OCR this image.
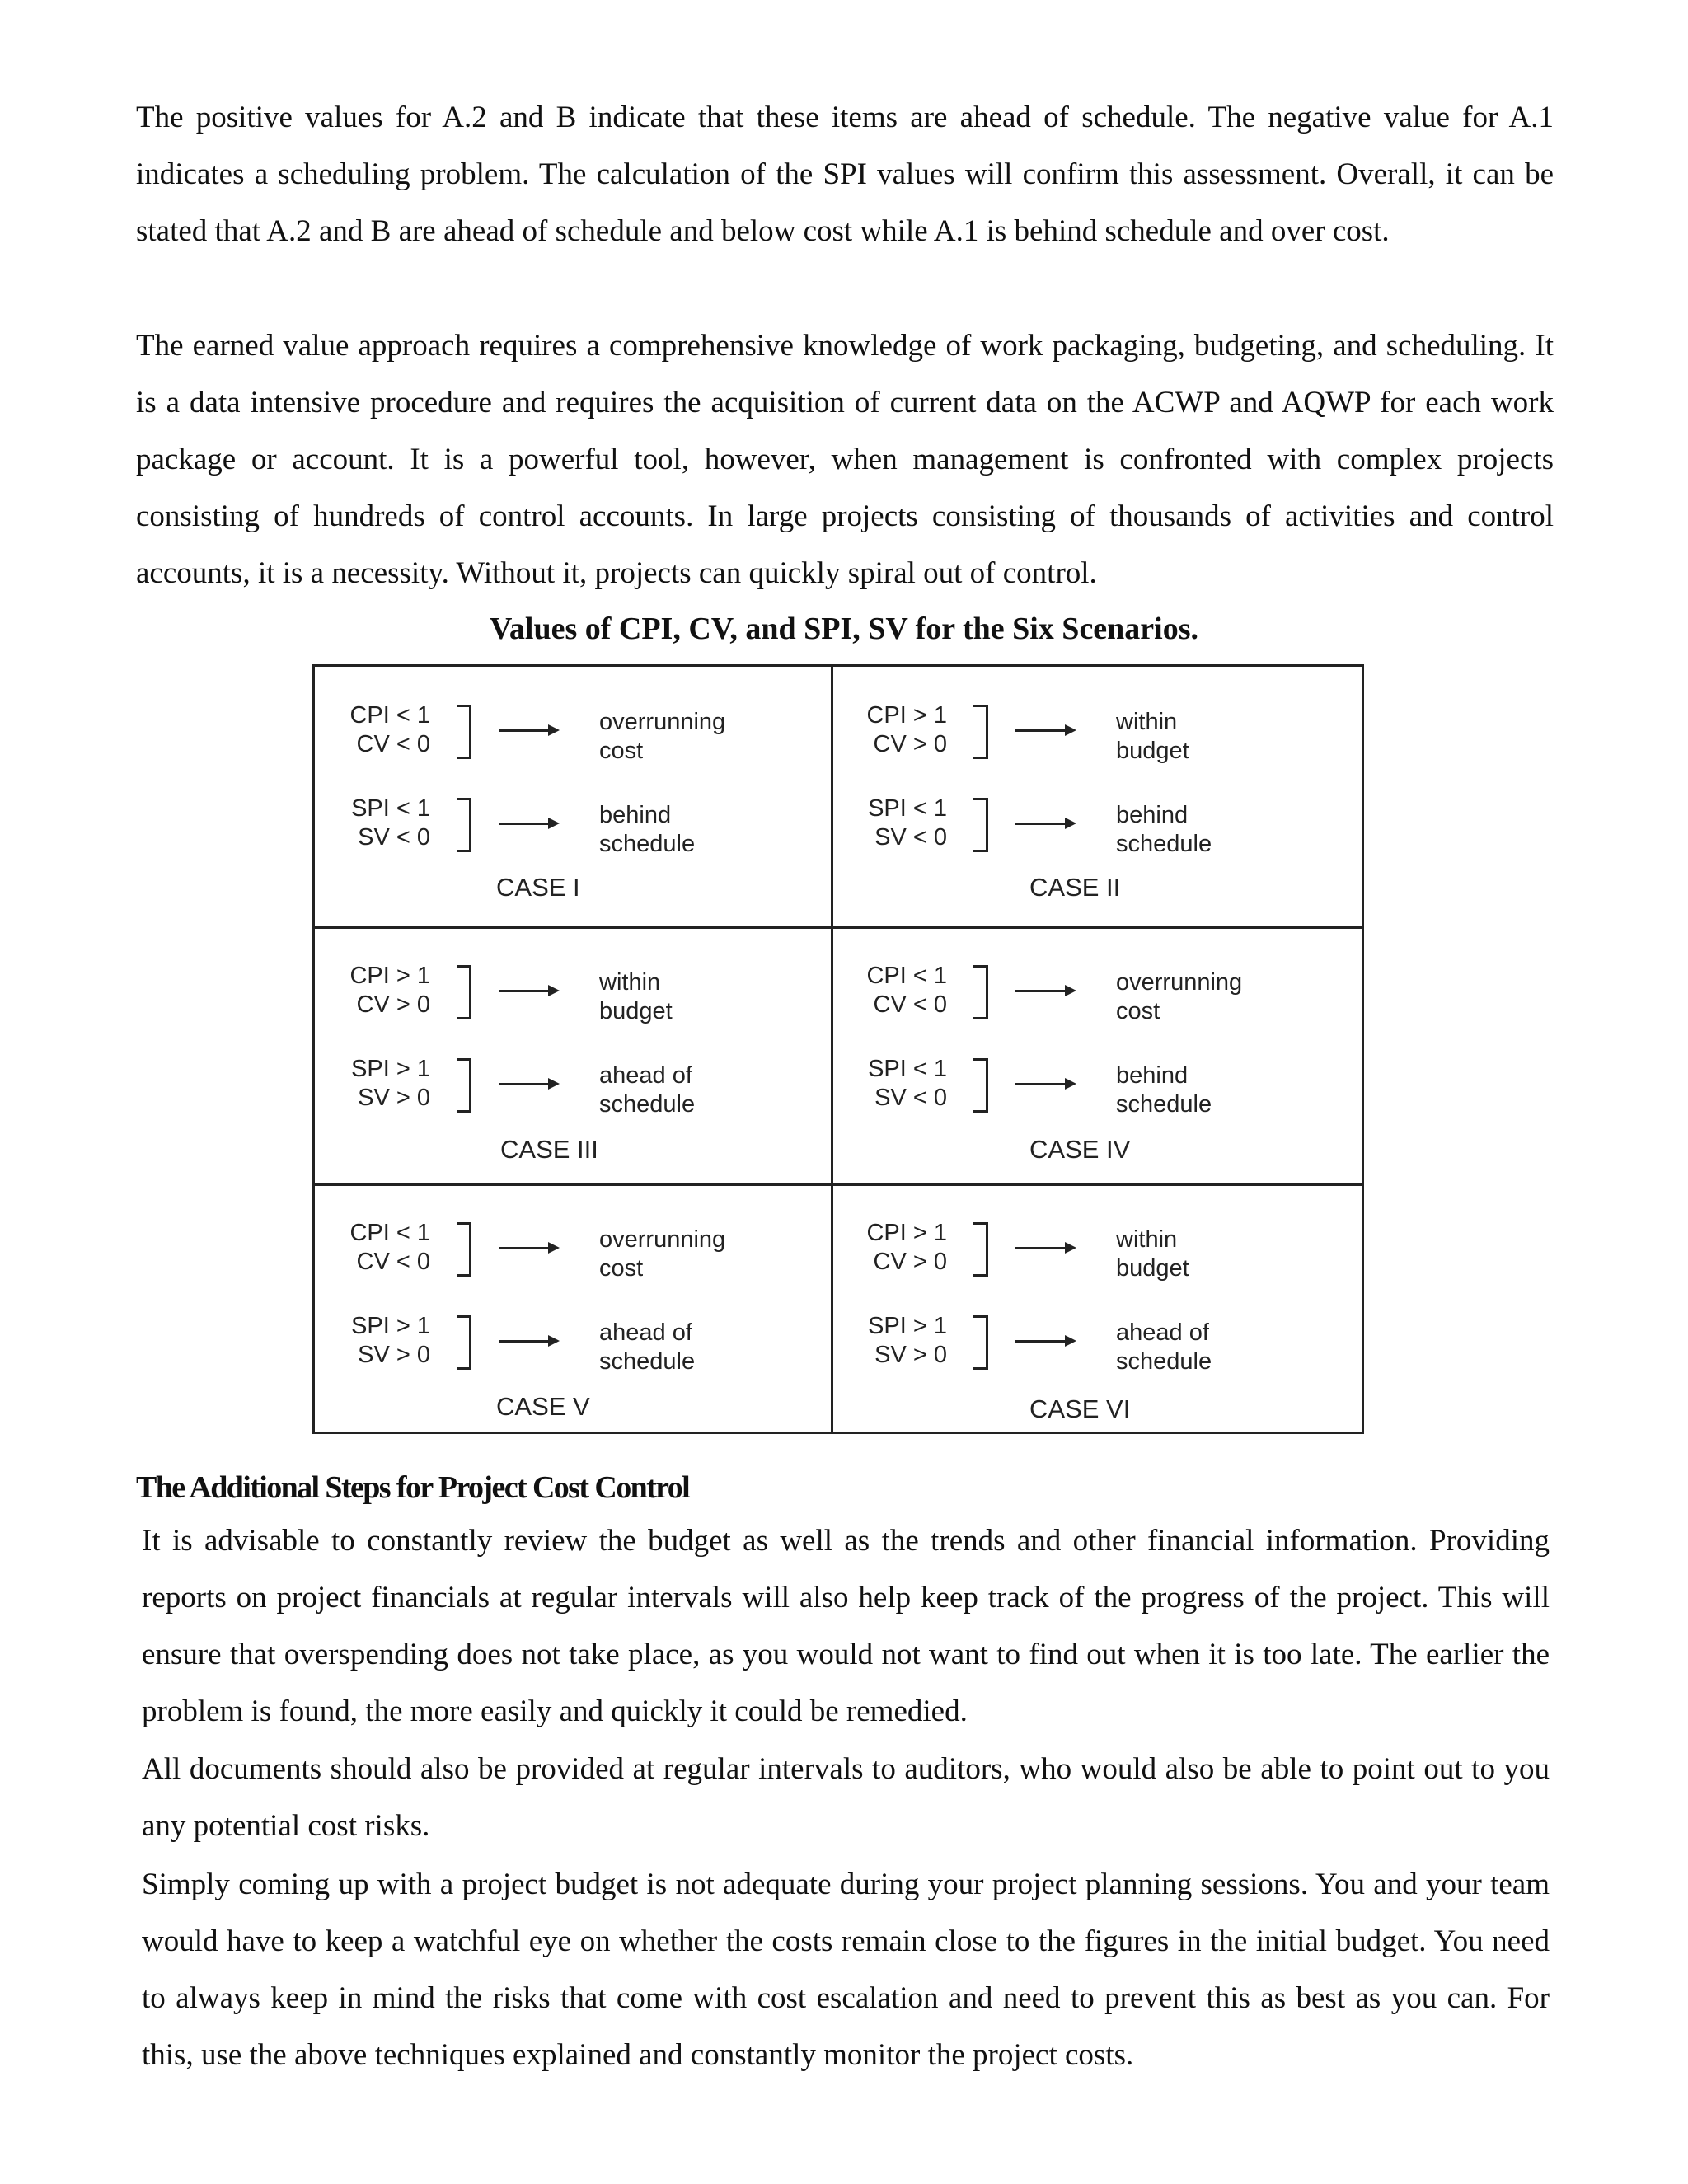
The positive values for A.2 and B indicate that these items are ahead of schedule. The negative value for A.1 indicates a scheduling problem. The calculation of the SPI values will confirm this assessment. Overall, it can be stated that A.2 and B are ahead of schedule and below cost while A.1 is behind schedule and over cost.

The earned value approach requires a comprehensive knowledge of work packaging, budgeting, and scheduling. It is a data intensive procedure and requires the acquisition of current data on the ACWP and AQWP for each work package or account. It is a powerful tool, however, when management is confronted with complex projects consisting of hundreds of control accounts. In large projects consisting of thousands of activities and control accounts, it is a necessity. Without it, projects can quickly spiral out of control.

Values of CPI, CV, and SPI, SV for the Six Scenarios.

CPI < 1
CV < 0
overrunning
cost
SPI < 1
SV < 0
behind
schedule
CASE I
CPI > 1
CV > 0
within
budget
SPI < 1
SV < 0
behind
schedule
CASE II
CPI > 1
CV > 0
within
budget
SPI > 1
SV > 0
ahead of
schedule
CASE III
CPI < 1
CV < 0
overrunning
cost
SPI < 1
SV < 0
behind
schedule
CASE IV
CPI < 1
CV < 0
overrunning
cost
SPI > 1
SV > 0
ahead of
schedule
CASE V
CPI > 1
CV > 0
within
budget
SPI > 1
SV > 0
ahead of
schedule
CASE VI
The Additional Steps for Project Cost Control

It is advisable to constantly review the budget as well as the trends and other financial information. Providing reports on project financials at regular intervals will also help keep track of the progress of the project. This will ensure that overspending does not take place, as you would not want to find out when it is too late. The earlier the problem is found, the more easily and quickly it could be remedied.

All documents should also be provided at regular intervals to auditors, who would also be able to point out to you any potential cost risks.

Simply coming up with a project budget is not adequate during your project planning sessions. You and your team would have to keep a watchful eye on whether the costs remain close to the figures in the initial budget. You need to always keep in mind the risks that come with cost escalation and need to prevent this as best as you can. For this, use the above techniques explained and constantly monitor the project costs.
